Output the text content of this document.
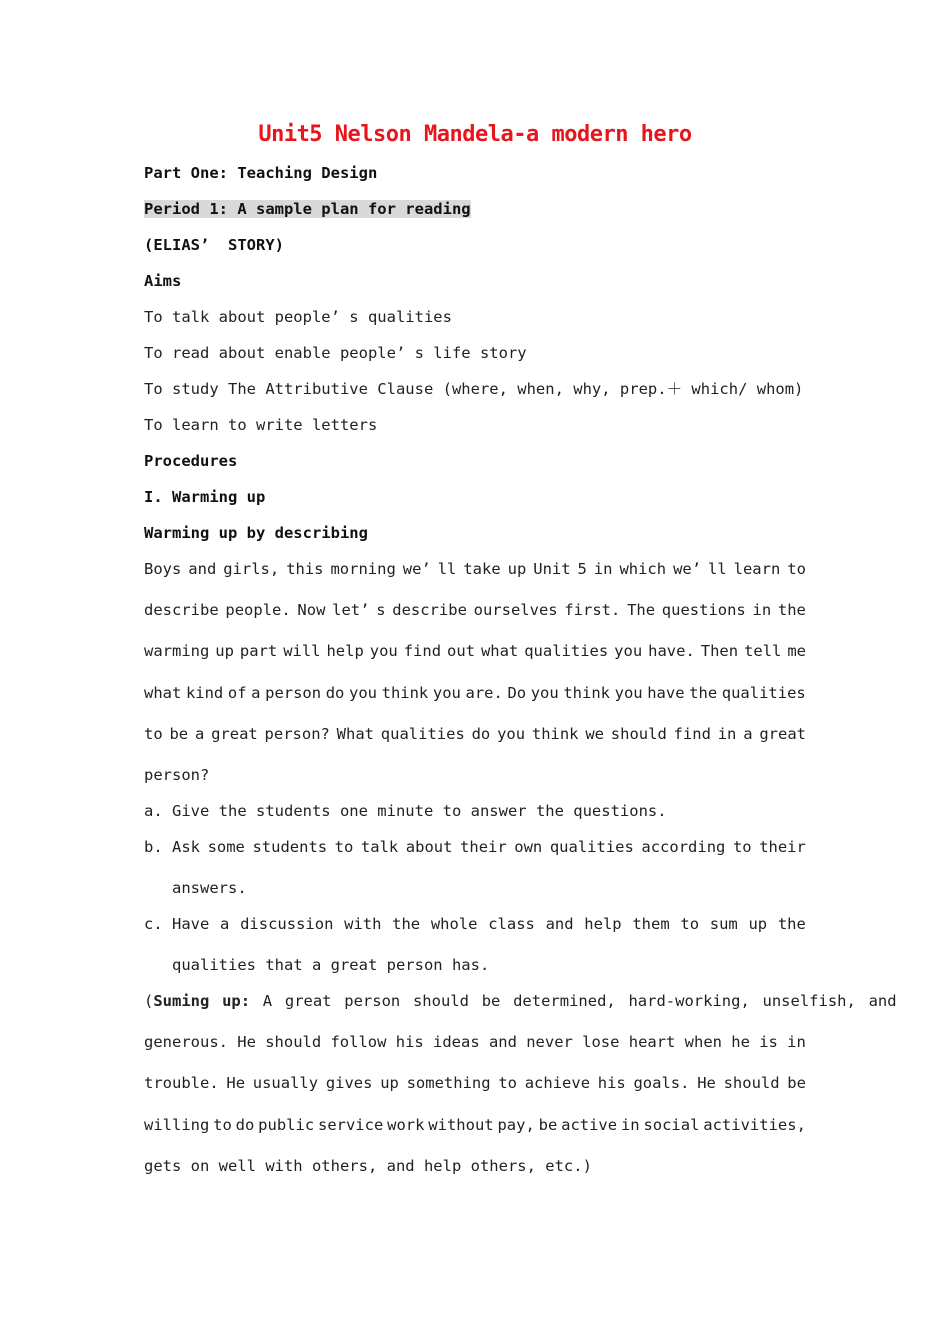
Unit5 Nelson Mandela-a modern hero
Part One: Teaching Design
Period 1: A sample plan for reading
(ELIAS’  STORY)
Aims
To talk about people’ s qualities
To read about enable people’ s life story
To study The Attributive Clause (where, when, why, prep.＋ which/ whom)
To learn to write letters
Procedures
I. Warming up
Warming up by describing
Boys and girls, this morning we’ ll take up Unit 5 in which we’ ll learn to
describe people. Now let’ s describe ourselves first. The questions in the
warming up part will help you find out what qualities you have. Then tell me
what kind of a person do you think you are. Do you think you have the qualities
to be a great person? What qualities do you think we should find in a great
person?
a. Give the students one minute to answer the questions.
b. Ask some students to talk about their own qualities according to their
answers.
c. Have a discussion with the whole class and help them to sum up the
qualities that a great person has.
(Suming up: A great person should be determined, hard-working, unselfish, and
generous. He should follow his ideas and never lose heart when he is in
trouble. He usually gives up something to achieve his goals. He should be
willing to do public service work without pay, be active in social activities,
gets on well with others, and help others, etc.)
